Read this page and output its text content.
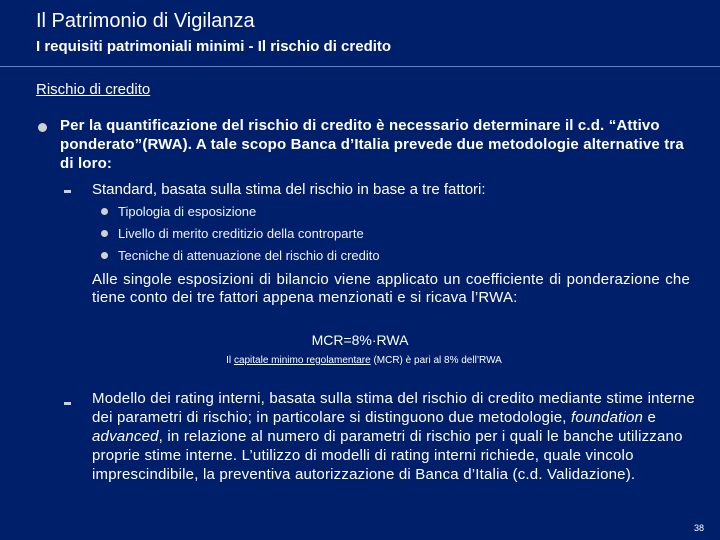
Il Patrimonio di Vigilanza
I requisiti patrimoniali minimi - Il rischio di credito
Rischio di credito
Per la quantificazione del rischio di credito è necessario determinare il c.d. “Attivo ponderato”(RWA). A tale scopo Banca d’Italia prevede due metodologie alternative tra di loro:
Standard, basata sulla stima del rischio in base a tre fattori:
Tipologia di esposizione
Livello di merito creditizio della controparte
Tecniche di attenuazione del rischio di credito
Alle singole esposizioni di bilancio viene applicato un coefficiente di ponderazione che tiene conto dei tre fattori appena menzionati e si ricava l’RWA:
MCR=8%·RWA
Il capitale minimo regolamentare (MCR) è pari al 8% dell’RWA
Modello dei rating interni, basata sulla stima del rischio di credito mediante stime interne dei parametri di rischio; in particolare si distinguono due metodologie, foundation e advanced, in relazione al numero di parametri di rischio per i quali le banche utilizzano proprie stime interne. L’utilizzo di modelli di rating interni richiede, quale vincolo imprescindibile, la preventiva autorizzazione di Banca d’Italia (c.d. Validazione).
38
